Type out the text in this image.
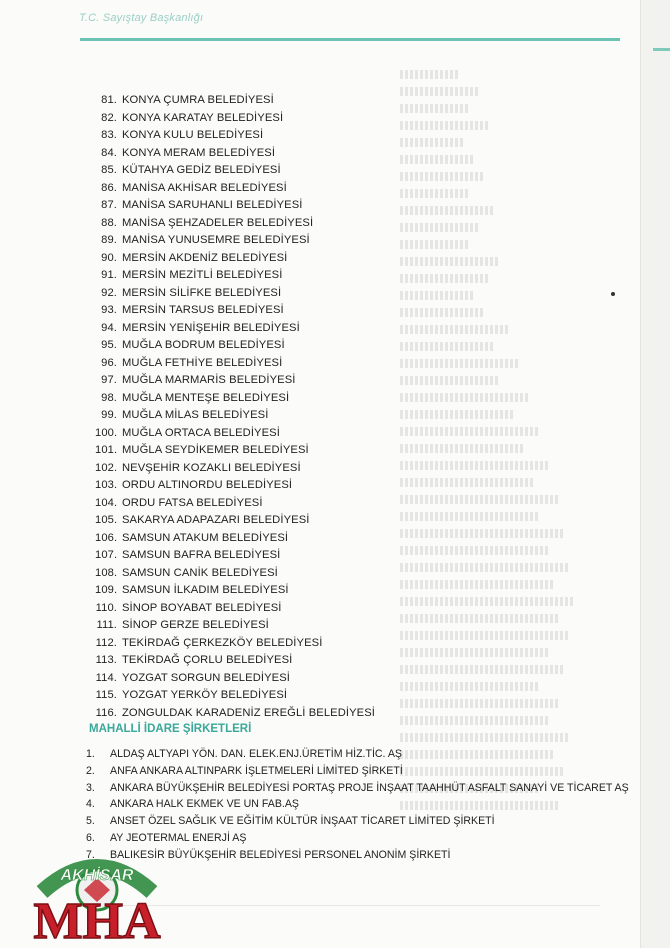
T.C. Sayıştay Başkanlığı
81. KONYA ÇUMRA BELEDİYESİ
82. KONYA KARATAY BELEDİYESİ
83. KONYA KULU BELEDİYESİ
84. KONYA MERAM BELEDİYESİ
85. KÜTAHYA GEDİZ BELEDİYESİ
86. MANİSA AKHİSAR BELEDİYESİ
87. MANİSA SARUHANLI BELEDİYESİ
88. MANİSA ŞEHZADELER BELEDİYESİ
89. MANİSA YUNUSEMRE BELEDİYESİ
90. MERSİN AKDENİZ BELEDİYESİ
91. MERSİN MEZİTLİ BELEDİYESİ
92. MERSİN SİLİFKE BELEDİYESİ
93. MERSİN TARSUS BELEDİYESİ
94. MERSİN YENİŞEHİR BELEDİYESİ
95. MUĞLA BODRUM BELEDİYESİ
96. MUĞLA FETHİYE BELEDİYESİ
97. MUĞLA MARMARİS BELEDİYESİ
98. MUĞLA MENTEŞE BELEDİYESİ
99. MUĞLA MİLAS BELEDİYESİ
100. MUĞLA ORTACA BELEDİYESİ
101. MUĞLA SEYDİKEMER BELEDİYESİ
102. NEVŞEHİR KOZAKLI BELEDİYESİ
103. ORDU ALTINORDU BELEDİYESİ
104. ORDU FATSA BELEDİYESİ
105. SAKARYA ADAPAZARI BELEDİYESİ
106. SAMSUN ATAKUM BELEDİYESİ
107. SAMSUN BAFRA BELEDİYESİ
108. SAMSUN CANİK BELEDİYESİ
109. SAMSUN İLKADIM BELEDİYESİ
110. SİNOP BOYABAT BELEDİYESİ
111. SİNOP GERZE BELEDİYESİ
112. TEKİRDAĞ ÇERKEZKÖY BELEDİYESİ
113. TEKİRDAĞ ÇORLU BELEDİYESİ
114. YOZGAT SORGUN BELEDİYESİ
115. YOZGAT YERKÖY BELEDİYESİ
116. ZONGULDAK KARADENİZ EREĞLİ BELEDİYESİ
MAHALLİ İDARE ŞİRKETLERİ
1. ALDAŞ ALTYAPI YÖN. DAN. ELEK.ENJ.ÜRETİM HİZ.TİC. AŞ
2. ANFA ANKARA ALTINPARK İŞLETMELERİ LİMİTED ŞİRKETİ
3. ANKARA BÜYÜKŞEHİR BELEDİYESİ PORTAŞ PROJE İNŞAAT TAAHHÜT ASFALT SANAYİ VE TİCARET AŞ
4. ANKARA HALK EKMEK VE UN FAB.AŞ
5. ANSET ÖZEL SAĞLIK VE EĞİTİM KÜLTÜR İNŞAAT TİCARET LİMİTED ŞİRKETİ
6. AY JEOTERMAL ENERJİ AŞ
7. BALIKESİR BÜYÜKŞEHİR BELEDİYESİ PERSONEL ANONİM ŞİRKETİ
AKHİSAR
MHA
